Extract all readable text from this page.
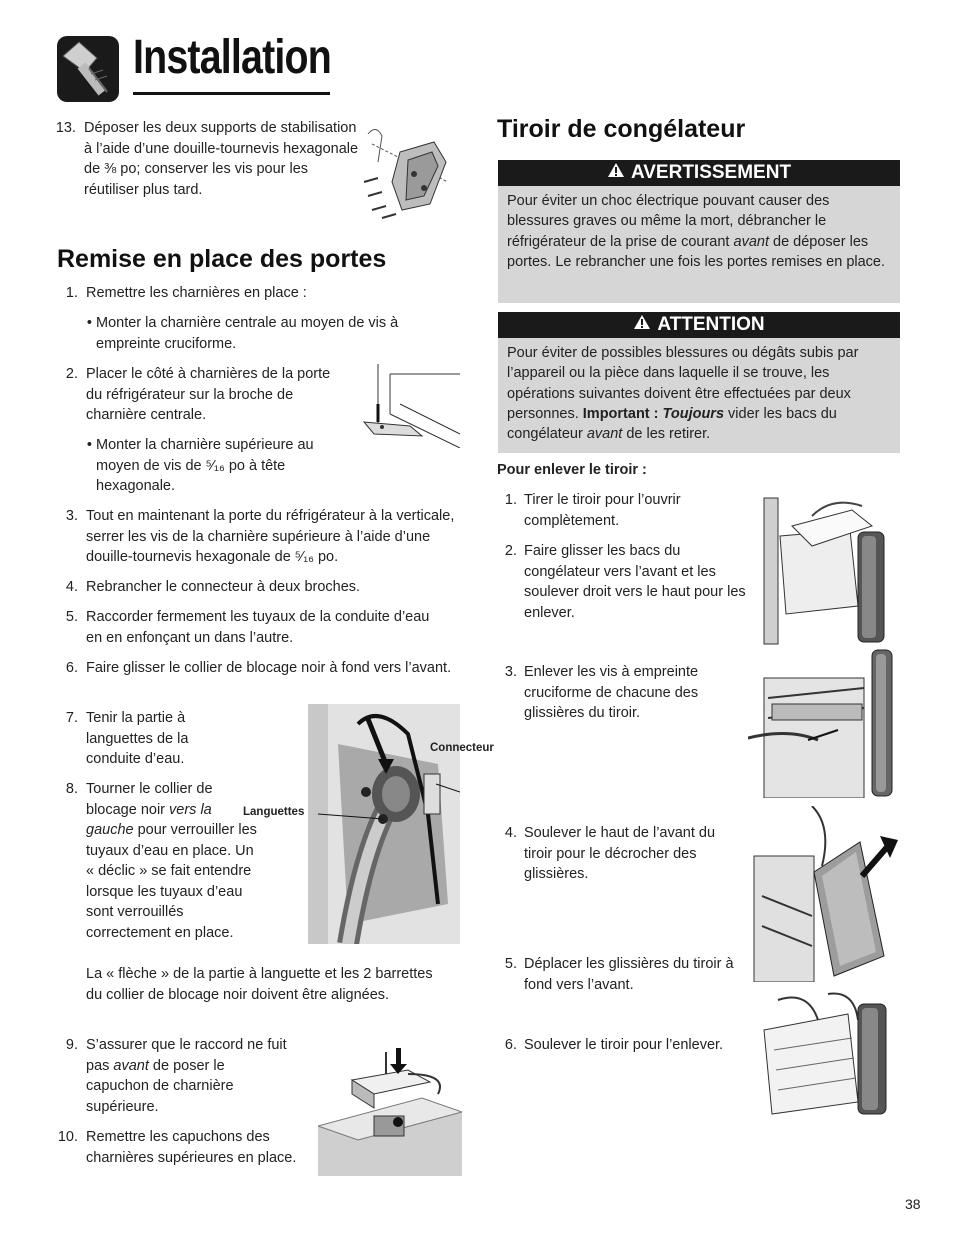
Installation
13. Déposer les deux supports de stabilisation à l’aide d’une douille-tournevis hexagonale de ⅜ po; conserver les vis pour les réutiliser plus tard.
Remise en place des portes
1. Remettre les charnières en place :
• Monter la charnière centrale au moyen de vis à empreinte cruciforme.
2. Placer le côté à charnières de la porte du réfrigérateur sur la broche de charnière centrale.
• Monter la charnière supérieure au moyen de vis de ⁵⁄₁₆ po à tête hexagonale.
3. Tout en maintenant la porte du réfrigérateur à la verticale, serrer les vis de la charnière supérieure à l’aide d’une douille-tournevis hexagonale de ⁵⁄₁₆ po.
4. Rebrancher le connecteur à deux broches.
5. Raccorder fermement les tuyaux de la conduite d’eau en en enfonçant un dans l’autre.
6. Faire glisser le collier de blocage noir à fond vers l’avant.
7. Tenir la partie à languettes de la conduite d’eau.
8. Tourner le collier de blocage noir vers la gauche pour verrouiller les tuyaux d’eau en place. Un « déclic » se fait entendre lorsque les tuyaux d’eau sont verrouillés correctement en place.
La « flèche » de la partie à languette et les 2 barrettes du collier de blocage noir doivent être alignées.
9. S’assurer que le raccord ne fuit pas avant de poser le capuchon de charnière supérieure.
10. Remettre les capuchons des charnières supérieures en place.
Connecteur
Languettes
Tiroir de congélateur
AVERTISSEMENT
Pour éviter un choc électrique pouvant causer des blessures graves ou même la mort, débrancher le réfrigérateur de la prise de courant avant de déposer les portes. Le rebrancher une fois les portes remises en place.
ATTENTION
Pour éviter de possibles blessures ou dégâts subis par l’appareil ou la pièce dans laquelle il se trouve, les opérations suivantes doivent être effectuées par deux personnes. Important : Toujours vider les bacs du congélateur avant de les retirer.
Pour enlever le tiroir :
1. Tirer le tiroir pour l’ouvrir complètement.
2. Faire glisser les bacs du congélateur vers l’avant et les soulever droit vers le haut pour les enlever.
3. Enlever les vis à empreinte cruciforme de chacune des glissières du tiroir.
4. Soulever le haut de l’avant du tiroir pour le décrocher des glissières.
5. Déplacer les glissières du tiroir à fond vers l’avant.
6. Soulever le tiroir pour l’enlever.
38
